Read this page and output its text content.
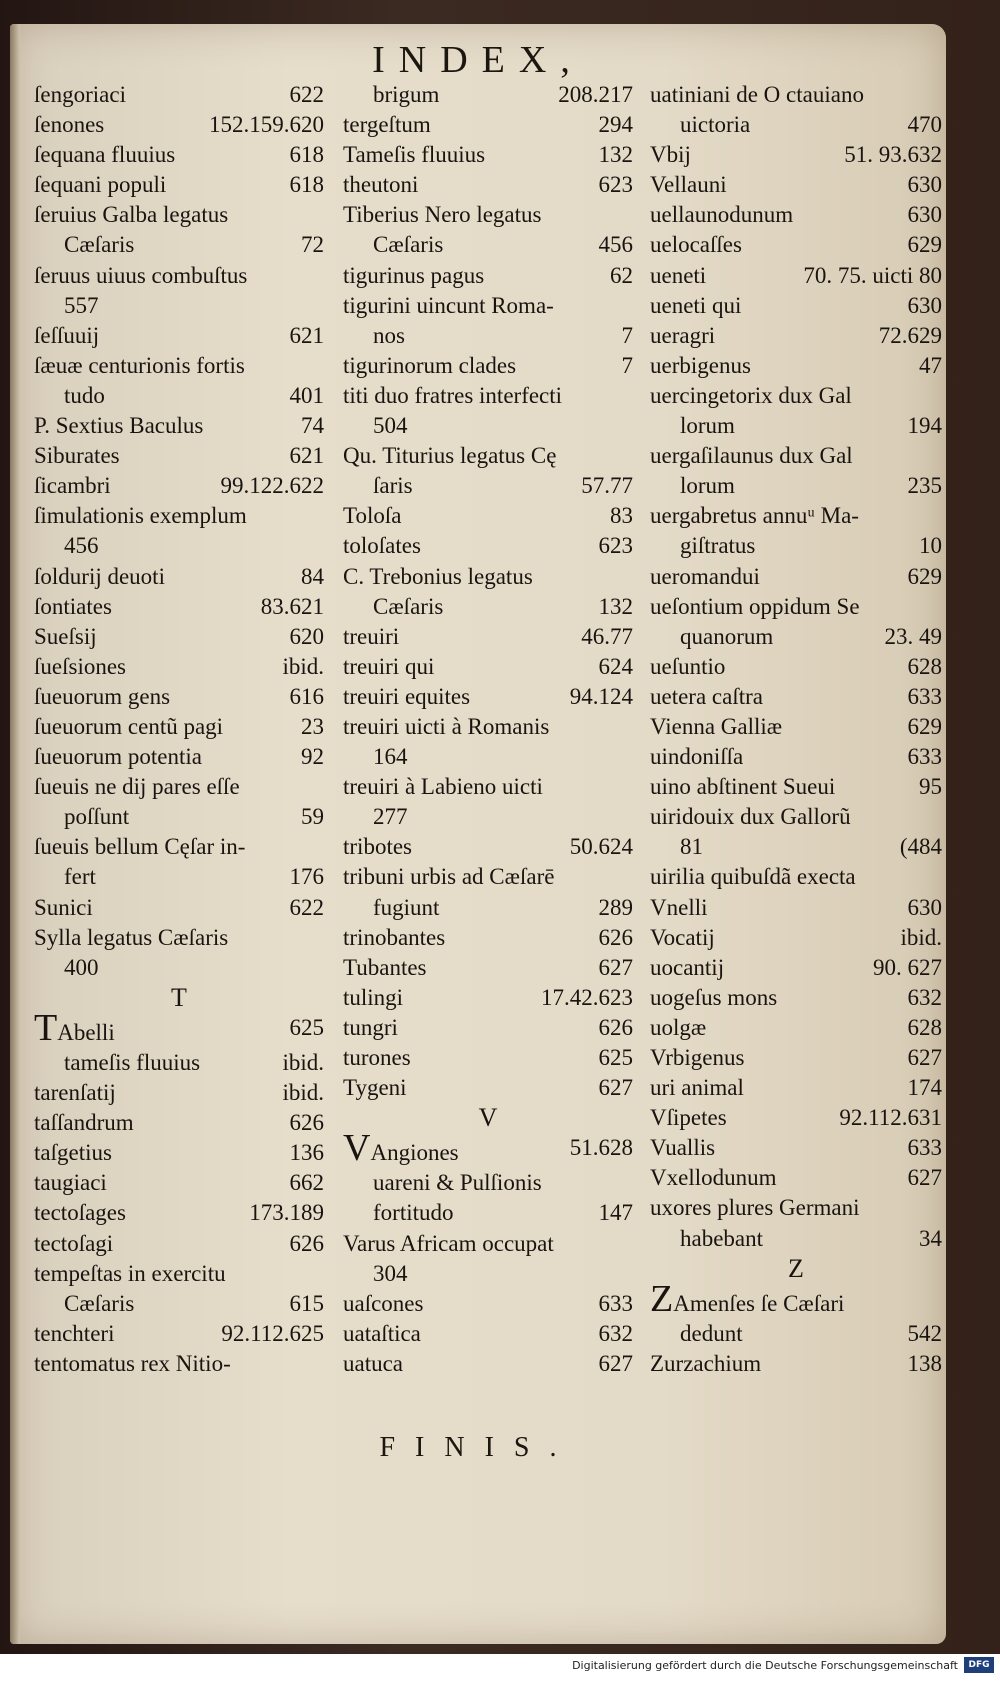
INDEX,
ſengoriaci	622
ſenones	152.159.620
ſequana fluuius	618
ſequani populi	618
ſeruius Galba legatus
Cæſaris	72
ſeruus uiuus combuſtus
557
ſeſſuuij	621
ſæuæ centurionis fortis
tudo	401
P. Sextius Baculus	74
Siburates	621
ſicambri	99.122.622
ſimulationis exemplum
456
ſoldurij deuoti	84
ſontiates	83.621
Sueſsij	620
ſueſsiones	ibid.
ſueuorum gens	616
ſueuorum centũ pagi	23
ſueuorum potentia	92
ſueuis ne dij pares eſſe
poſſunt	59
ſueuis bellum Cęſar in-
fert	176
Sunici	622
Sylla legatus Cæſaris
400
T
TAbelli	625
tameſis fluuius	ibid.
tarenſatij	ibid.
taſſandrum	626
taſgetius	136
taugiaci	662
tectoſages	173.189
tectoſagi	626
tempeſtas in exercitu
Cæſaris	615
tenchteri	92.112.625
tentomatus rex Nitio-
brigum	208.217
tergeſtum	294
Tameſis fluuius	132
theutoni	623
Tiberius Nero legatus
Cæſaris	456
tigurinus pagus	62
tigurini uincunt Roma-
nos	7
tigurinorum clades	7
titi duo fratres interfecti
504
Qu. Titurius legatus Cę
ſaris	57.77
Toloſa	83
toloſates	623
C. Trebonius legatus
Cæſaris	132
treuiri	46.77
treuiri qui	624
treuiri equites	94.124
treuiri uicti à Romanis
164
treuiri à Labieno uicti
277
tribotes	50.624
tribuni urbis ad Cæſarē
fugiunt	289
trinobantes	626
Tubantes	627
tulingi	17.42.623
tungri	626
turones	625
Tygeni	627
V
VAngiones	51.628
uareni & Pulſionis
fortitudo	147
Varus Africam occupat
304
uaſcones	633
uataſtica	632
uatuca	627
uatiniani de O ctauiano
uictoria	470
Vbij	51. 93.632
Vellauni	630
uellaunodunum	630
uelocaſſes	629
ueneti	70. 75. uicti 80
ueneti qui	630
ueragri	72.629
uerbigenus	47
uercingetorix dux Gal
lorum	194
uergaſilaunus dux Gal
lorum	235
uergabretus annuᵘ Ma-
giſtratus	10
ueromandui	629
ueſontium oppidum Se
quanorum	23. 49
ueſuntio	628
uetera caſtra	633
Vienna Galliæ	629
uindoniſſa	633
uino abſtinent Sueui	95
uiridouix dux Gallorũ
81	(484
uirilia quibuſdã execta
Vnelli	630
Vocatij	ibid.
uocantij	90. 627
uogeſus mons	632
uolgæ	628
Vrbigenus	627
uri animal	174
Vſipetes	92.112.631
Vuallis	633
Vxellodunum	627
uxores plures Germani
habebant	34
Z
ZAmenſes ſe Cæſari
dedunt	542
Zurzachium	138
FINIS.
Digitalisierung gefördert durch die Deutsche Forschungsgemeinschaft	DFG
